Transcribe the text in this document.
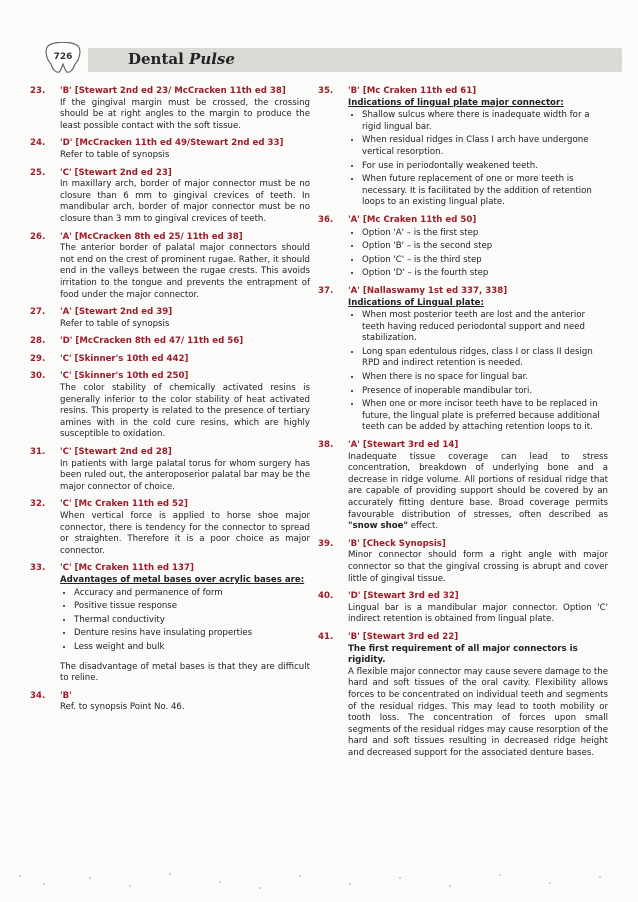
726	Dental Pulse
23.	'B' [Stewart 2nd ed 23/ McCracken 11th ed 38]
If the gingival margin must be crossed, the crossing should be at right angles to the margin to produce the least possible contact with the soft tissue.
24.	'D' [McCracken 11th ed 49/Stewart 2nd ed 33]
Refer to table of synopsis
25.	'C' [Stewart 2nd ed 23]
In maxillary arch, border of major connector must be no closure than 6 mm to gingival crevices of teeth. In mandibular arch, border of major connector must be no closure than 3 mm to gingival crevices of teeth.
26.	'A' [McCracken 8th ed 25/ 11th ed 38]
The anterior border of palatal major connectors should not end on the crest of prominent rugae. Rather, it should end in the valleys between the rugae crests. This avoids irritation to the tongue and prevents the entrapment of food under the major connector.
27.	'A' [Stewart 2nd ed 39]
Refer to table of synopsis
28.	'D' [McCracken 8th ed 47/ 11th ed 56]
29.	'C' [Skinner's 10th ed 442]
30.	'C' [Skinner's 10th ed 250]
The color stability of chemically activated resins is generally inferior to the color stability of heat activated resins. This property is related to the presence of tertiary amines with in the cold cure resins, which are highly susceptible to oxidation.
31.	'C' [Stewart 2nd ed 28]
In patients with large palatal torus for whom surgery has been ruled out, the anteroposerior palatal bar may be the major connector of choice.
32.	'C' [Mc Craken 11th ed 52]
When vertical force is applied to horse shoe major connector, there is tendency for the connector to spread or straighten. Therefore it is a poor choice as major connector.
33.	'C' [Mc Craken 11th ed 137]
Advantages of metal bases over acrylic bases are:
• Accuracy and permanence of form
• Positive tissue response
• Thermal conductivity
• Denture resins have insulating properties
• Less weight and bulk
The disadvantage of metal bases is that they are difficult to reline.
34.	'B'
Ref. to synopsis Point No. 46.
35.	'B' [Mc Craken 11th ed 61]
Indications of lingual plate major connector:
• Shallow sulcus where there is inadequate width for a rigid lingual bar.
• When residual ridges in Class I arch have undergone vertical resorption.
• For use in periodontally weakened teeth.
• When future replacement of one or more teeth is necessary. It is facilitated by the addition of retention loops to an existing lingual plate.
36.	'A' [Mc Craken 11th ed 50]
• Option 'A' – is the first step
• Option 'B' – is the second step
• Option 'C' – is the third step
• Option 'D' – is the fourth step
37.	'A' [Nallaswamy 1st ed 337, 338]
Indications of Lingual plate:
• When most posterior teeth are lost and the anterior teeth having reduced periodontal support and need stabilization.
• Long span edentulous ridges, class I or class II design RPD and indirect retention is needed.
• When there is no space for lingual bar.
• Presence of inoperable mandibular tori.
• When one or more incisor teeth have to be replaced in future, the lingual plate is preferred because additional teeth can be added by attaching retention loops to it.
38.	'A' [Stewart 3rd ed 14]
Inadequate tissue coverage can lead to stress concentration, breakdown of underlying bone and a decrease in ridge volume. All portions of residual ridge that are capable of providing support should be covered by an accurately fitting denture base. Broad coverage permits favourable distribution of stresses, often described as "snow shoe" effect.
39.	'B' [Check Synopsis]
Minor connector should form a right angle with major connector so that the gingival crossing is abrupt and cover little of gingival tissue.
40.	'D' [Stewart 3rd ed 32]
Lingual bar is a mandibular major connector. Option 'C' indirect retention is obtained from lingual plate.
41.	'B' [Stewart 3rd ed 22]
The first requirement of all major connectors is rigidity.
A flexible major connector may cause severe damage to the hard and soft tissues of the oral cavity. Flexibility allows forces to be concentrated on individual teeth and segments of the residual ridges. This may lead to tooth mobility or tooth loss. The concentration of forces upon small segments of the residual ridges may cause resorption of the hard and soft tissues resulting in decreased ridge height and decreased support for the associated denture bases.
